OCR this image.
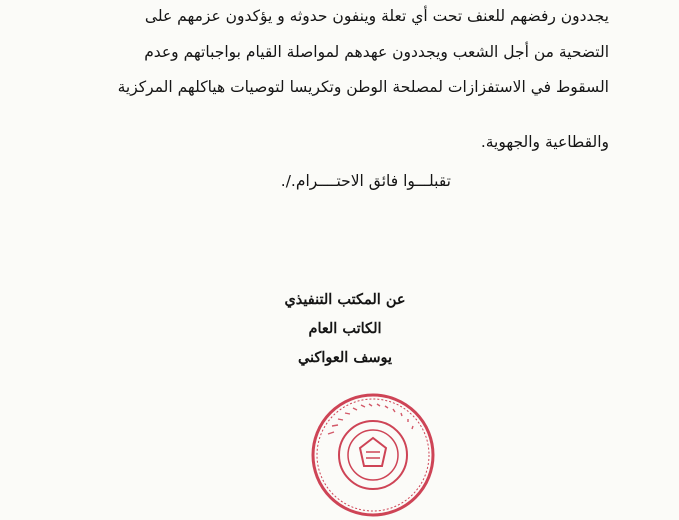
يجددون رفضهم للعنف تحت أي تعلة وينفون حدوثه و يؤكدون عزمهم على
التضحية من أجل الشعب ويجددون عهدهم لمواصلة القيام بواجباتهم وعدم
السقوط في الاستفزازات لمصلحة الوطن وتكريسا لتوصيات هياكلهم المركزية
والقطاعية والجهوية.
تقبلـــوا فائق الاحتــــرام./.
عن المكتب التنفيذي
الكاتب العام
يوسف العواكني
